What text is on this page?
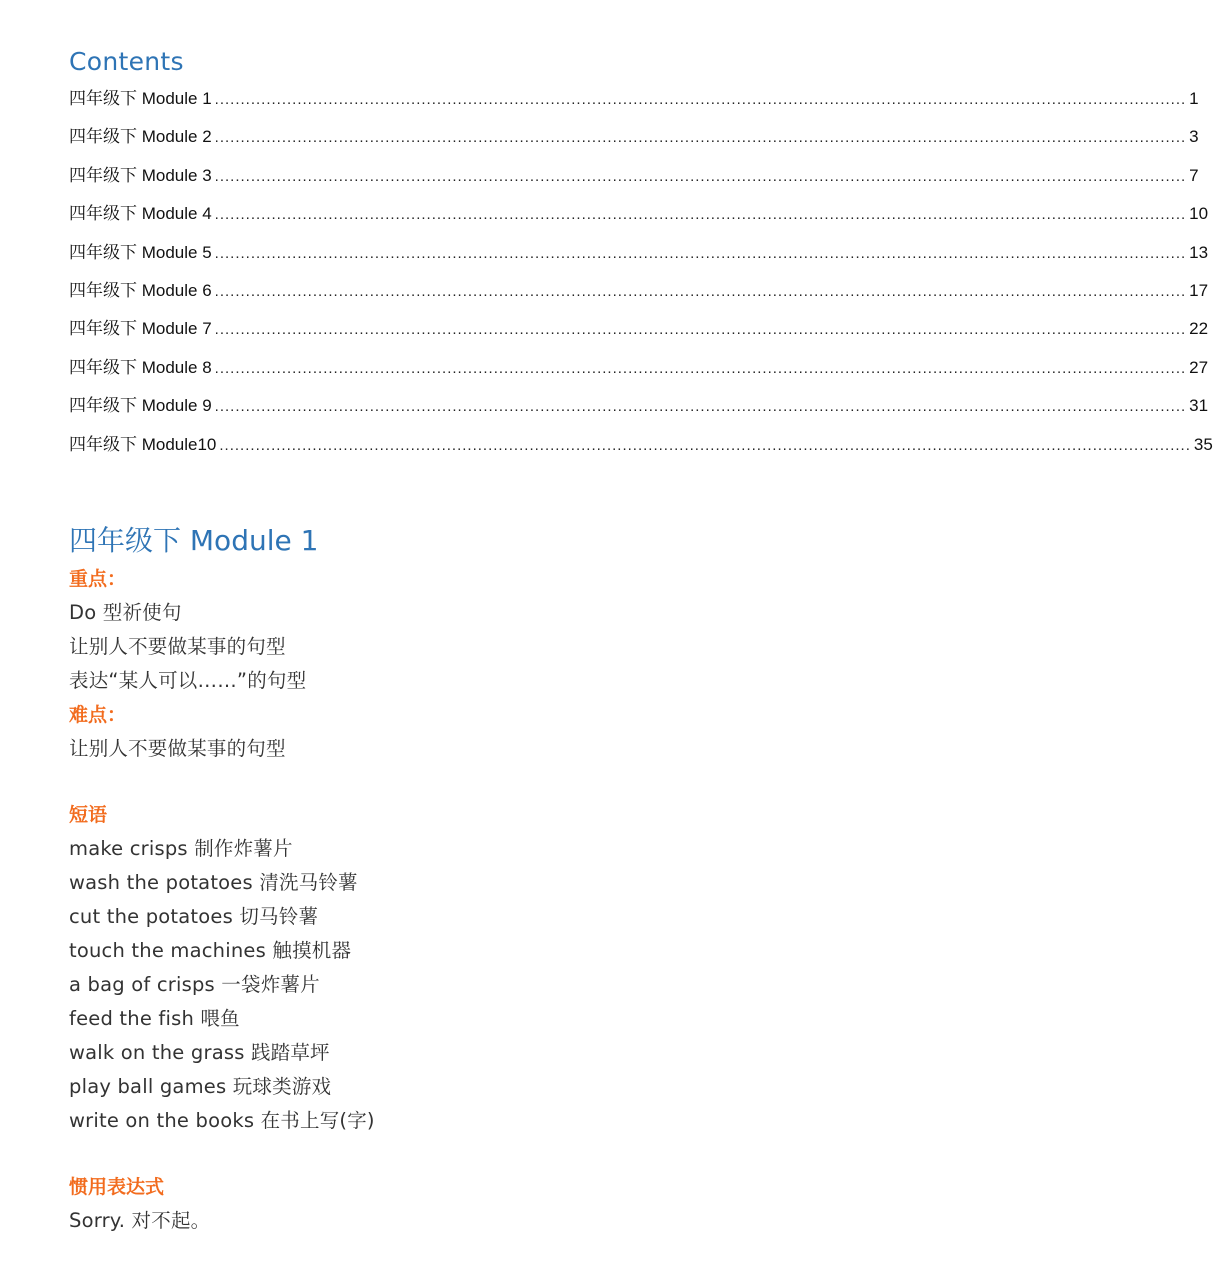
Contents
四年级下 Module 1 ............................................................................................................................................................................................ 1
四年级下 Module 2 ............................................................................................................................................................................................ 3
四年级下 Module 3 ............................................................................................................................................................................................ 7
四年级下 Module 4 ............................................................................................................................................................................................ 10
四年级下 Module 5 ............................................................................................................................................................................................ 13
四年级下 Module 6 ............................................................................................................................................................................................ 17
四年级下 Module 7 ............................................................................................................................................................................................ 22
四年级下 Module 8 ............................................................................................................................................................................................ 27
四年级下 Module 9 ............................................................................................................................................................................................ 31
四年级下 Module10 ............................................................................................................................................................................................ 35
四年级下 Module 1
重点：
Do 型祈使句
让别人不要做某事的句型
表达“某人可以……”的句型
难点：
让别人不要做某事的句型
短语
make crisps 制作炸薯片
wash the potatoes 清洗马铃薯
cut the potatoes 切马铃薯
touch the machines 触摸机器
a bag of crisps 一袋炸薯片
feed the fish 喂鱼
walk on the grass 践踏草坪
play ball games 玩球类游戏
write on the books 在书上写(字)
惯用表达式
Sorry. 对不起。
